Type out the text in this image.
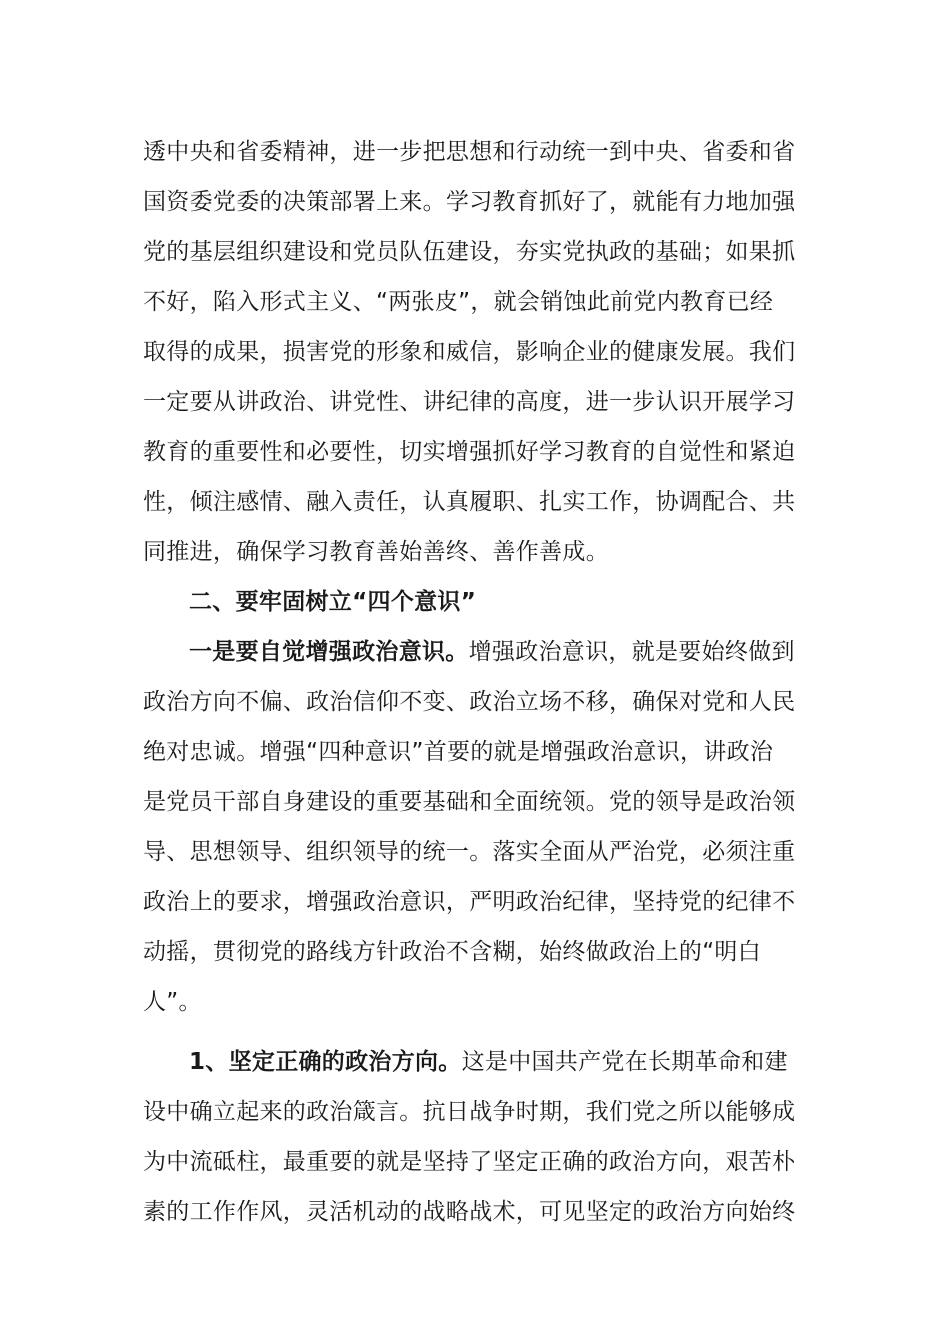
透中央和省委精神，进一步把思想和行动统一到中央、省委和省
国资委党委的决策部署上来。学习教育抓好了，就能有力地加强
党的基层组织建设和党员队伍建设，夯实党执政的基础；如果抓
不好，陷入形式主义、“两张皮”，就会销蚀此前党内教育已经
取得的成果，损害党的形象和威信，影响企业的健康发展。我们
一定要从讲政治、讲党性、讲纪律的高度，进一步认识开展学习
教育的重要性和必要性，切实增强抓好学习教育的自觉性和紧迫
性，倾注感情、融入责任，认真履职、扎实工作，协调配合、共
同推进，确保学习教育善始善终、善作善成。
二、要牢固树立“四个意识”
一是要自觉增强政治意识。增强政治意识，就是要始终做到
政治方向不偏、政治信仰不变、政治立场不移，确保对党和人民
绝对忠诚。增强“四种意识”首要的就是增强政治意识，讲政治
是党员干部自身建设的重要基础和全面统领。党的领导是政治领
导、思想领导、组织领导的统一。落实全面从严治党，必须注重
政治上的要求，增强政治意识，严明政治纪律，坚持党的纪律不
动摇，贯彻党的路线方针政治不含糊，始终做政治上的“明白
人”。
1、坚定正确的政治方向。这是中国共产党在长期革命和建
设中确立起来的政治箴言。抗日战争时期，我们党之所以能够成
为中流砥柱，最重要的就是坚持了坚定正确的政治方向，艰苦朴
素的工作作风，灵活机动的战略战术，可见坚定的政治方向始终
